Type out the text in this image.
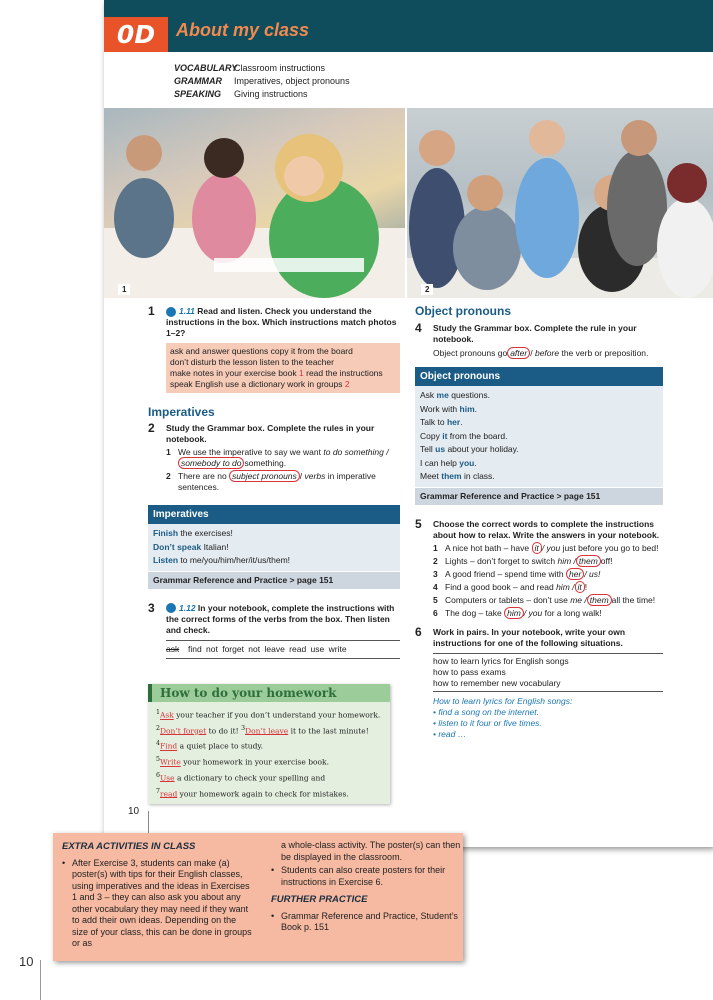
10
0D	About my class
VOCABULARYClassroom instructions
GRAMMAR Imperatives, object pronouns
SPEAKING Giving instructions
1	2
1	1.11 Read and listen. Check you understand the instructions in the box. Which instructions match photos 1–2?
ask and answer questions copy it from the board
don’t disturb the lesson listen to the teacher
make notes in your exercise book 1 read the instructions
speak English use a dictionary work in groups 2
Imperatives
2 Study the Grammar box. Complete the rules in your notebook.
1 We use the imperative to say we want to do something / somebody to do something.
2 There are no subject pronouns / verbs in imperative sentences.
Imperatives
Finish the exercises!
Don’t speak Italian!
Listen to me/you/him/her/it/us/them!
Grammar Reference and Practice > page 151
3	1.12 In your notebook, complete the instructions with the correct forms of the verbs from the box. Then listen and check.
ask find not forget not leave read use write
How to do your homework
$^1$Ask your teacher if you don’t understand your homework.
$^2$Don’t forget to do it! $^3$Don’t leave it to the last minute!
$^4$Find a quiet place to study.
$^5$Write your homework in your exercise book.
$^6$Use a dictionary to check your spelling and
$^7$read your homework again to check for mistakes.
Object pronouns
4 Study the Grammar box. Complete the rule in your notebook.
Object pronouns go after / before the verb or preposition.
Object pronouns
Ask me questions.
Work with him.
Talk to her.
Copy it from the board.
Tell us about your holiday.
I can help you.
Meet them in class.
Grammar Reference and Practice > page 151
5 Choose the correct words to complete the instructions about how to relax. Write the answers in your notebook.
1 A nice hot bath – have it / you just before you go to bed!
2 Lights – don’t forget to switch him / them off!
3 A good friend – spend time with her / us!
4 Find a good book – and read him / it !
5 Computers or tablets – don’t use me / them all the time!
6 The dog – take him / you for a long walk!
6 Work in pairs. In your notebook, write your own instructions for one of the following situations.
how to learn lyrics for English songs
how to pass exams
how to remember new vocabulary
How to learn lyrics for English songs:
• find a song on the internet.
• listen to it four or five times.
• read …
10
EXTRA ACTIVITIES IN CLASS
• After Exercise 3, students can make (a) poster(s) with tips for their English classes, using imperatives and the ideas in Exercises 1 and 3 – they can also ask you about any other vocabulary they may need if they want to add their own ideas. Depending on the size of your class, this can be done in groups or as
a whole-class activity. The poster(s) can then be displayed in the classroom.
• Students can also create posters for their instructions in Exercise 6.
FURTHER PRACTICE
• Grammar Reference and Practice, Student’s Book p. 151
